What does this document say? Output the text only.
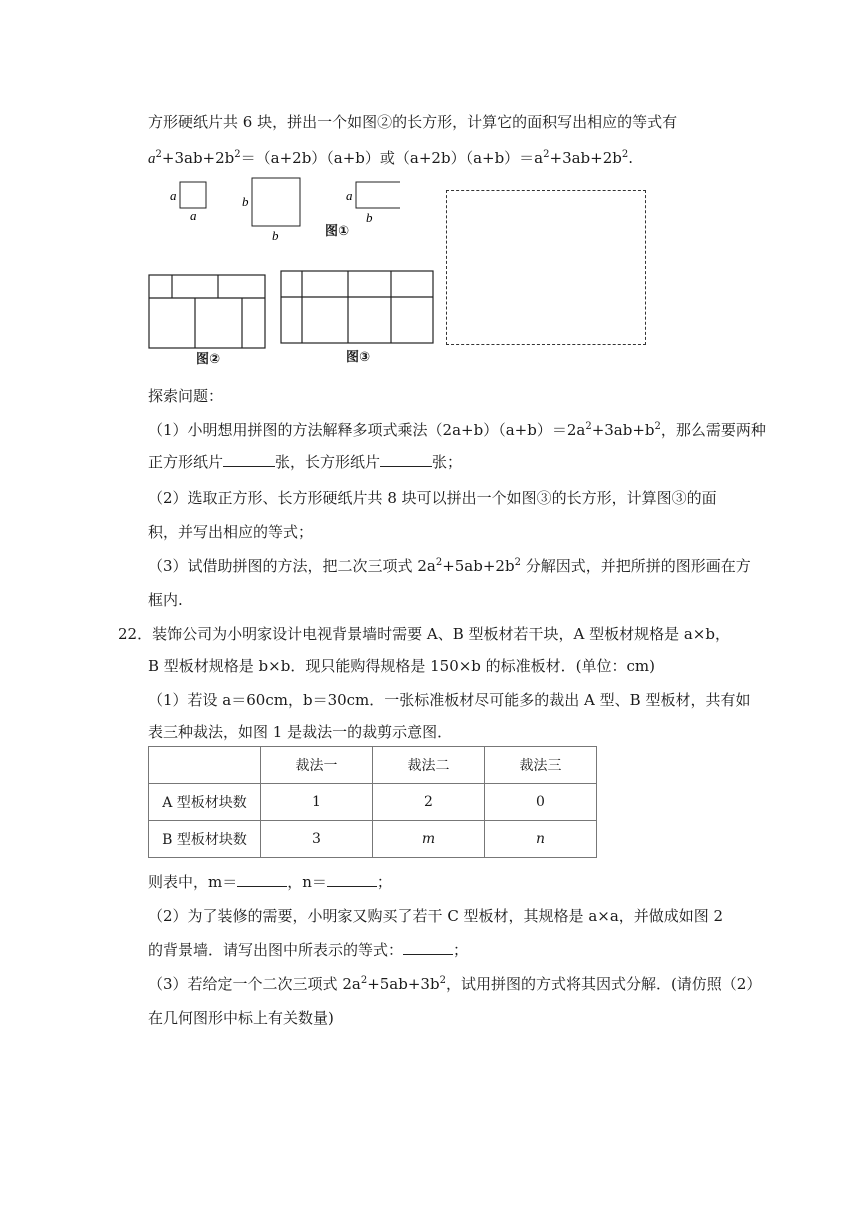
方形硬纸片共 6 块，拼出一个如图②的长方形，计算它的面积写出相应的等式有
$a^2+3ab+2b^2=(a+2b)(a+b)$或$(a+2b)(a+b)=a^2+3ab+2b^2$.
a
a
b
b
a
b
图①
图②	图③
探索问题：
（1）小明想用拼图的方法解释多项式乘法$(2a+b)(a+b)=2a^2+3ab+b^2$，那么需要两种
正方形纸片	张，长方形纸片	张；
（2）选取正方形、长方形硬纸片共 8 块可以拼出一个如图③的长方形，计算图③的面
积，并写出相应的等式；
（3）试借助拼图的方法，把二次三项式 $2a^2+5ab+2b^2$ 分解因式，并把所拼的图形画在方
框内.
22．装饰公司为小明家设计电视背景墙时需要 A、B 型板材若干块，A 型板材规格是 a×b，
B 型板材规格是 b×b．现只能购得规格是 150×b 的标准板材．(单位：cm)
（1）若设 a＝60cm，b＝30cm．一张标准板材尽可能多的裁出 A 型、B 型板材，共有如
表三种裁法，如图 1 是裁法一的裁剪示意图．
	裁法一	裁法二	裁法三
A 型板材块数	1	2	0
B 型板材块数	3	m	n
则表中，m＝	，n＝	；
（2）为了装修的需要，小明家又购买了若干 C 型板材，其规格是 a×a，并做成如图 2
的背景墙．请写出图中所表示的等式：	；
（3）若给定一个二次三项式 $2a^2+5ab+3b^2$，试用拼图的方式将其因式分解．(请仿照（2）
在几何图形中标上有关数量)
